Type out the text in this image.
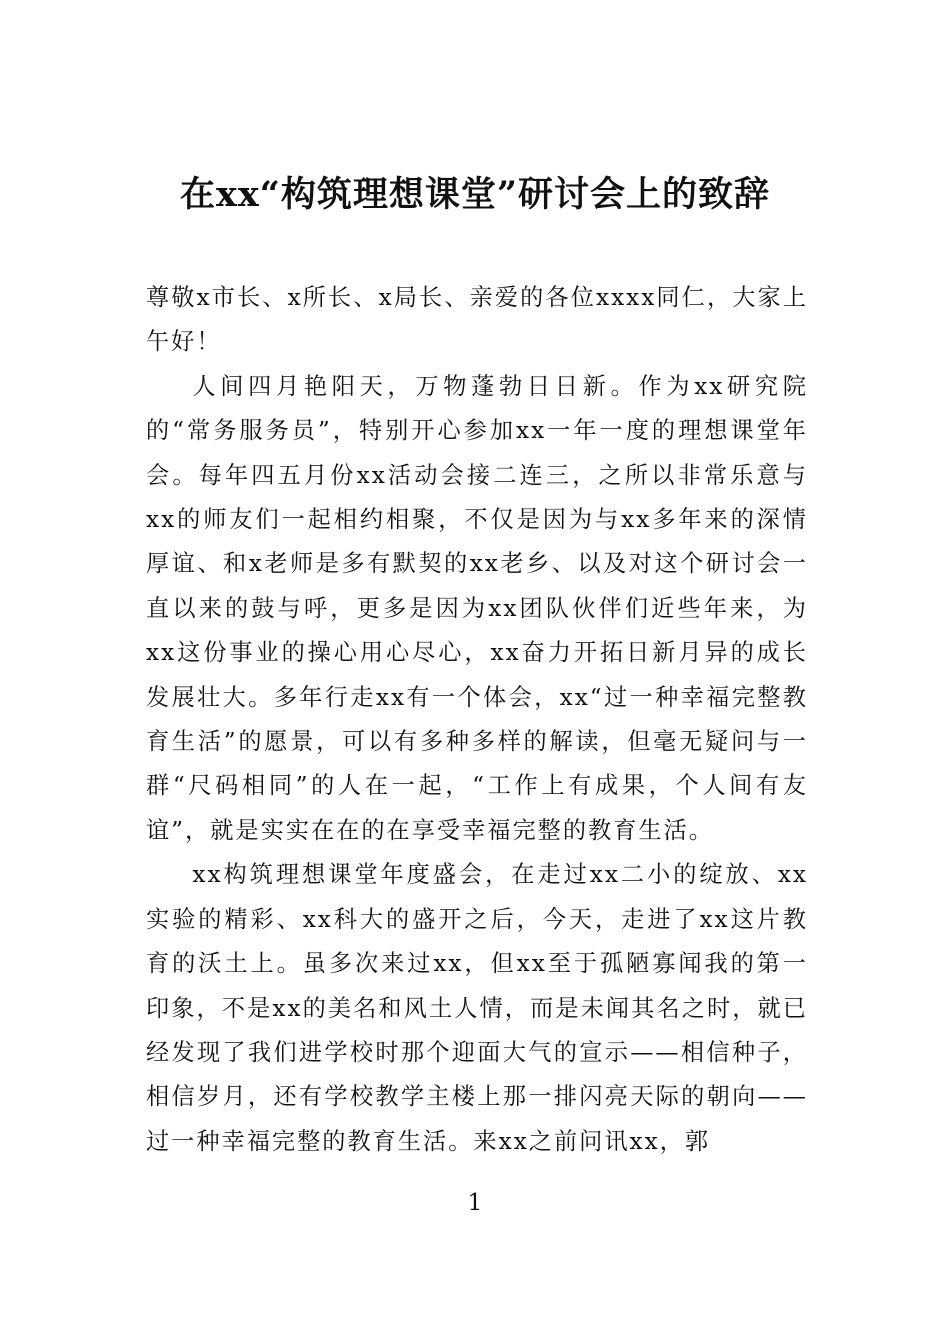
在xx“构筑理想课堂”研讨会上的致辞

尊敬x市长、x所长、x局长、亲爱的各位xxxx同仁，大家上午好！

人间四月艳阳天，万物蓬勃日日新。作为xx研究院的“常务服务员”，特别开心参加xx一年一度的理想课堂年会。每年四五月份xx活动会接二连三，之所以非常乐意与xx的师友们一起相约相聚，不仅是因为与xx多年来的深情厚谊、和x老师是多有默契的xx老乡、以及对这个研讨会一直以来的鼓与呼，更多是因为xx团队伙伴们近些年来，为xx这份事业的操心用心尽心，xx奋力开拓日新月异的成长发展壮大。多年行走xx有一个体会，xx“过一种幸福完整教育生活”的愿景，可以有多种多样的解读，但毫无疑问与一群“尺码相同”的人在一起，“工作上有成果，个人间有友谊”，就是实实在在的在享受幸福完整的教育生活。

xx构筑理想课堂年度盛会，在走过xx二小的绽放、xx实验的精彩、xx科大的盛开之后，今天，走进了xx这片教育的沃土上。虽多次来过xx，但xx至于孤陋寡闻我的第一印象，不是xx的美名和风土人情，而是未闻其名之时，就已经发现了我们进学校时那个迎面大气的宣示——相信种子，相信岁月，还有学校教学主楼上那一排闪亮天际的朝向——过一种幸福完整的教育生活。来xx之前问讯xx，郭

1
